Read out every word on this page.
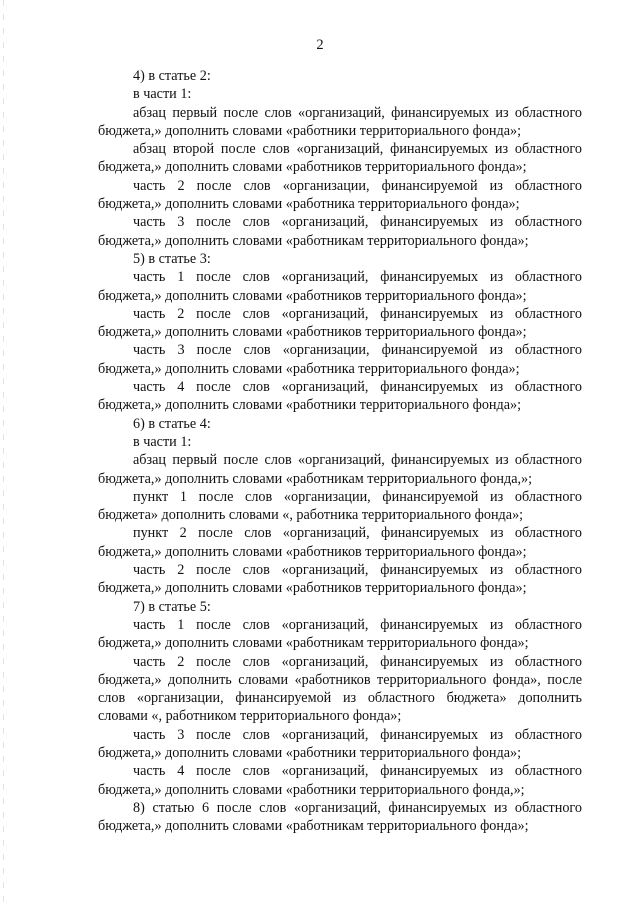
2

4) в статье 2:

в части 1:

абзац первый после слов «организаций, финансируемых из областного бюджета,» дополнить словами «работники территориального фонда»;

абзац второй после слов «организаций, финансируемых из областного бюджета,» дополнить словами «работников территориального фонда»;

часть 2 после слов «организации, финансируемой из областного бюджета,» дополнить словами «работника территориального фонда»;

часть 3 после слов «организаций, финансируемых из областного бюджета,» дополнить словами «работникам территориального фонда»;

5) в статье 3:

часть 1 после слов «организаций, финансируемых из областного бюджета,» дополнить словами «работников территориального фонда»;

часть 2 после слов «организаций, финансируемых из областного бюджета,» дополнить словами «работников территориального фонда»;

часть 3 после слов «организации, финансируемой из областного бюджета,» дополнить словами «работника территориального фонда»;

часть 4 после слов «организаций, финансируемых из областного бюджета,» дополнить словами «работники территориального фонда»;

6) в статье 4:

в части 1:

абзац первый после слов «организаций, финансируемых из областного бюджета,» дополнить словами «работникам территориального фонда,»;

пункт 1 после слов «организации, финансируемой из областного бюджета» дополнить словами «, работника территориального фонда»;

пункт 2 после слов «организаций, финансируемых из областного бюджета,» дополнить словами «работников территориального фонда»;

часть 2 после слов «организаций, финансируемых из областного бюджета,» дополнить словами «работников территориального фонда»;

7) в статье 5:

часть 1 после слов «организаций, финансируемых из областного бюджета,» дополнить словами «работникам территориального фонда»;

часть 2 после слов «организаций, финансируемых из областного бюджета,» дополнить словами «работников территориального фонда», после слов «организации, финансируемой из областного бюджета» дополнить словами «, работником территориального фонда»;

часть 3 после слов «организаций, финансируемых из областного бюджета,» дополнить словами «работники территориального фонда»;

часть 4 после слов «организаций, финансируемых из областного бюджета,» дополнить словами «работники территориального фонда,»;

8) статью 6 после слов «организаций, финансируемых из областного бюджета,» дополнить словами «работникам территориального фонда»;
